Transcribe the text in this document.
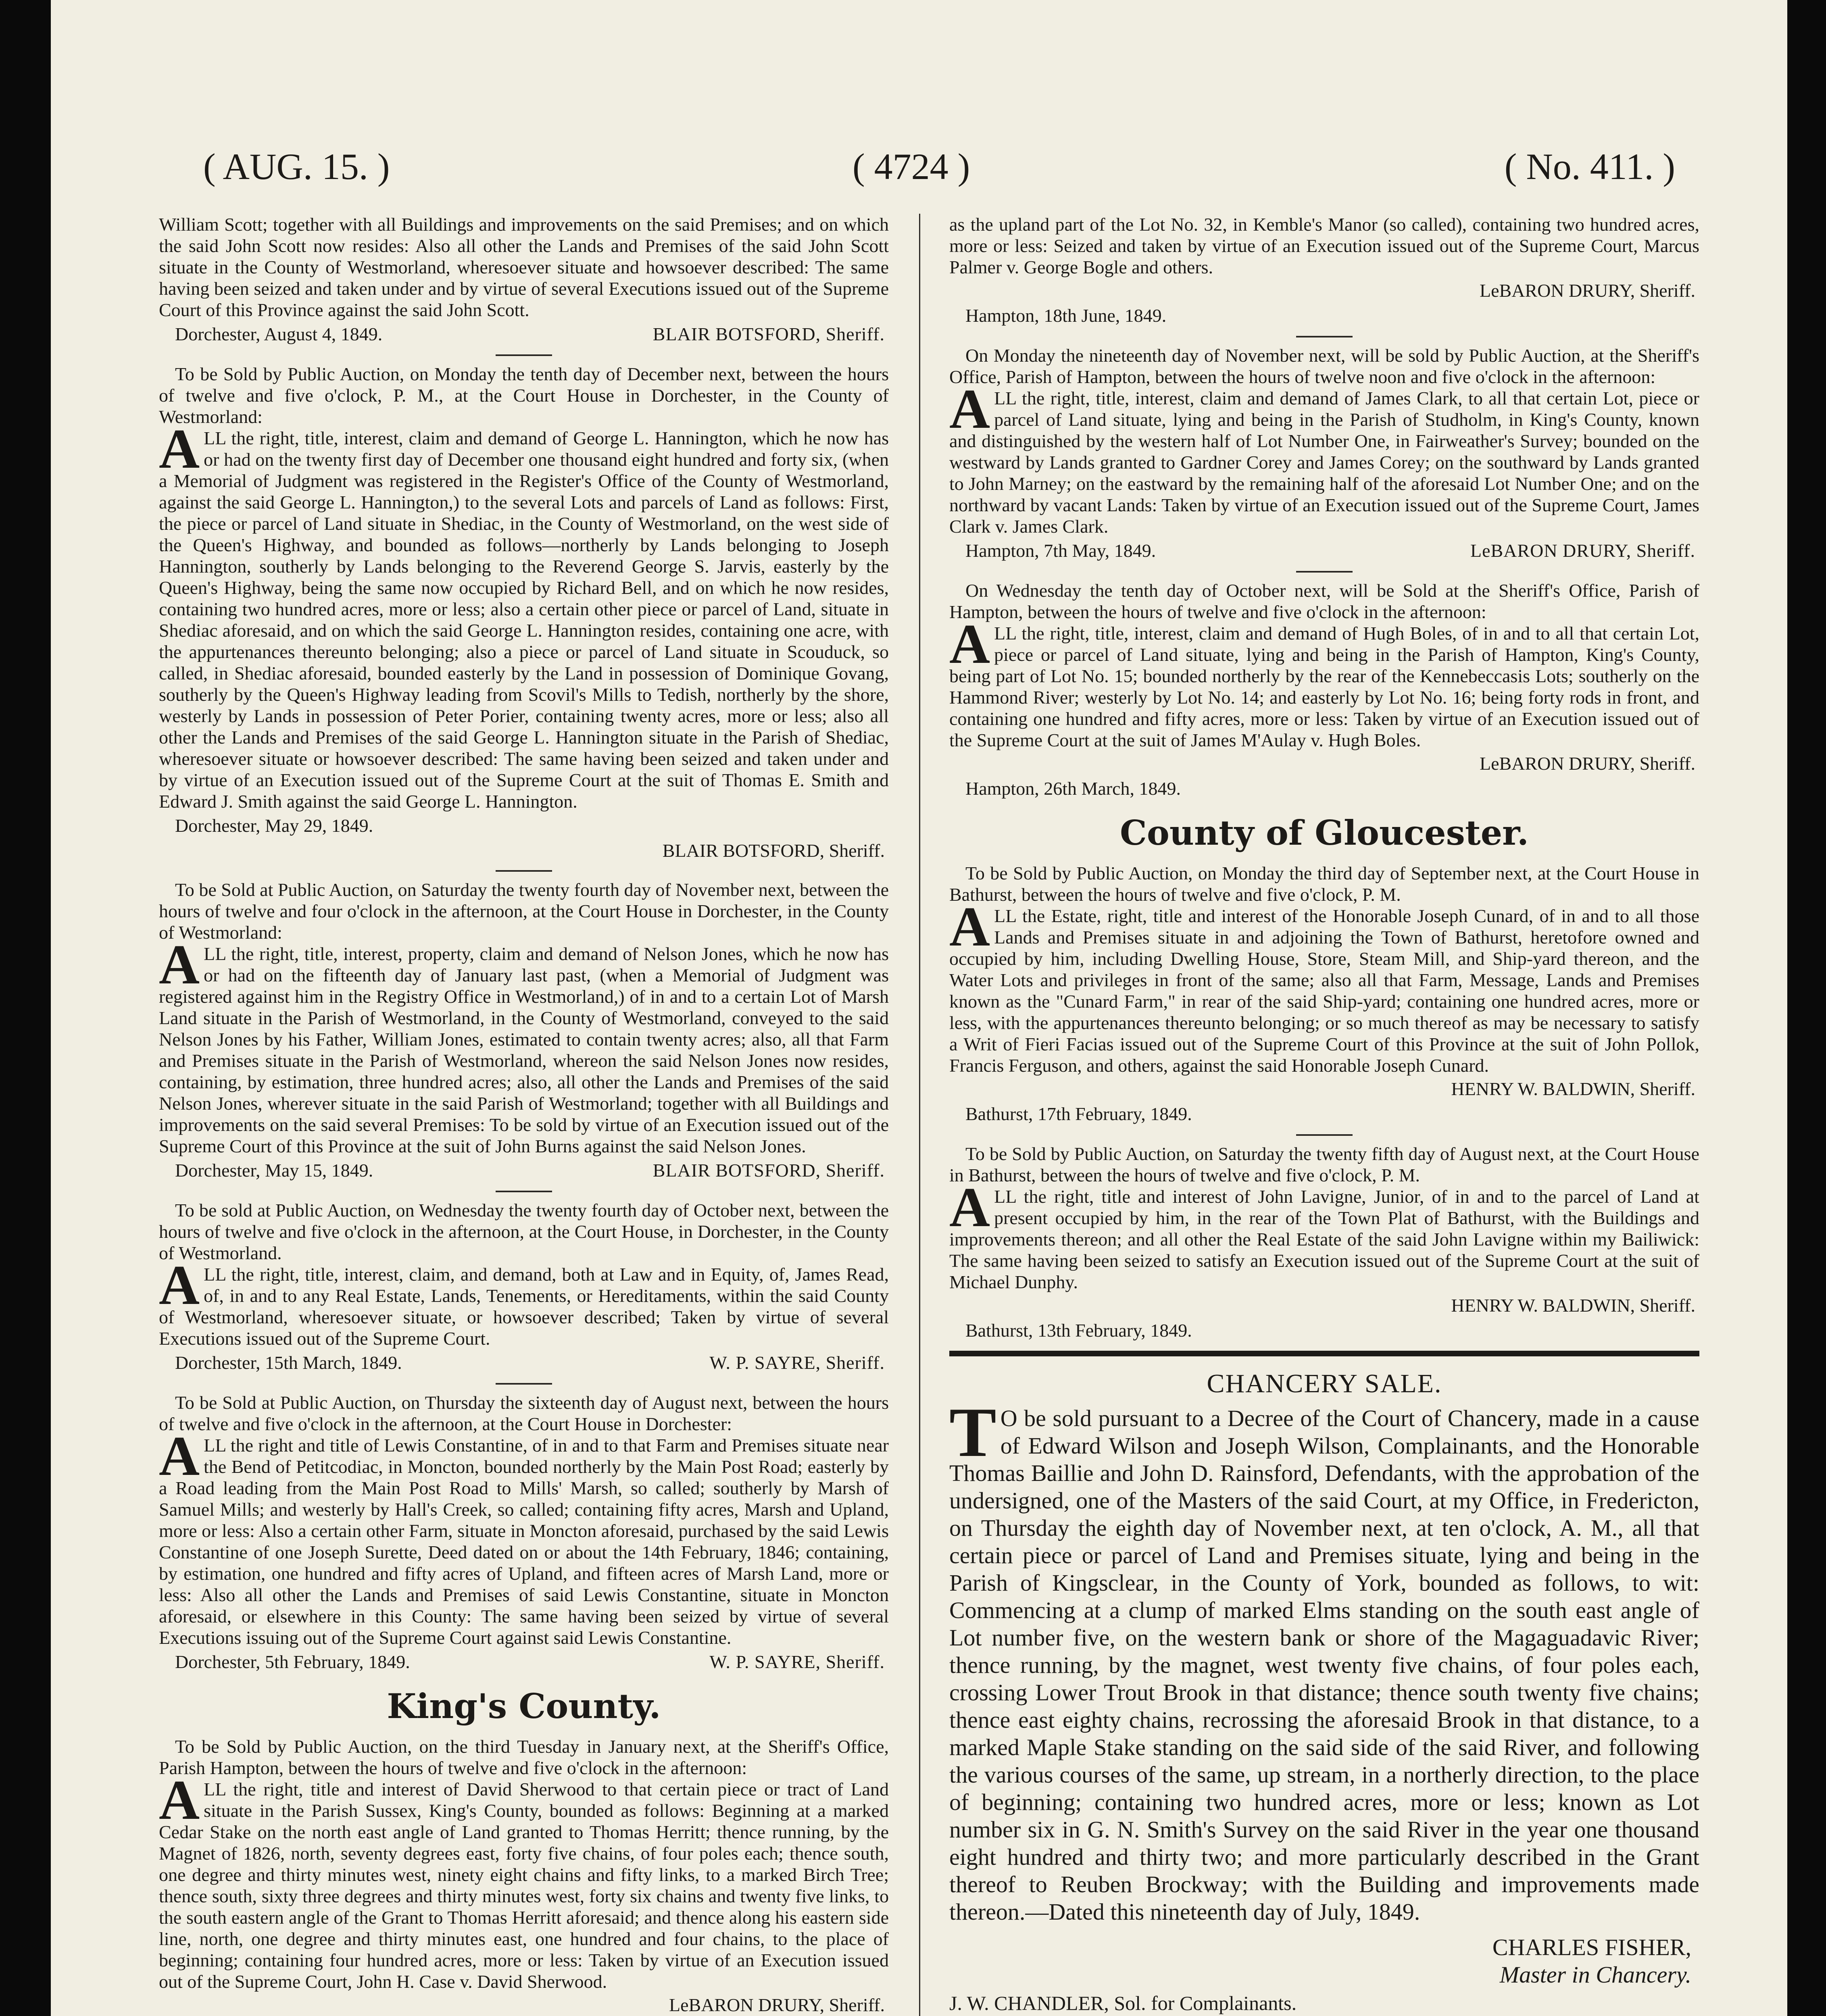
( AUG. 15. )	( 4724 )	( No. 411. )

William Scott; together with all Buildings and improvements on the said Premises; and on which the said John Scott now resides: Also all other the Lands and Premises of the said John Scott situate in the County of Westmorland, wheresoever situate and howsoever described: The same having been seized and taken under and by virtue of several Executions issued out of the Supreme Court of this Province against the said John Scott.

Dorchester, August 4, 1849.	BLAIR BOTSFORD, Sheriff.

To be Sold by Public Auction, on Monday the tenth day of December next, between the hours of twelve and five o'clock, P. M., at the Court House in Dorchester, in the County of Westmorland:

ALL the right, title, interest, claim and demand of George L. Hannington, which he now has or had on the twenty first day of December one thousand eight hundred and forty six, (when a Memorial of Judgment was registered in the Register's Office of the County of Westmorland, against the said George L. Hannington,) to the several Lots and parcels of Land as follows: First, the piece or parcel of Land situate in Shediac, in the County of Westmorland, on the west side of the Queen's Highway, and bounded as follows—northerly by Lands belonging to Joseph Hannington, southerly by Lands belonging to the Reverend George S. Jarvis, easterly by the Queen's Highway, being the same now occupied by Richard Bell, and on which he now resides, containing two hundred acres, more or less; also a certain other piece or parcel of Land, situate in Shediac aforesaid, and on which the said George L. Hannington resides, containing one acre, with the appurtenances thereunto belonging; also a piece or parcel of Land situate in Scouduck, so called, in Shediac aforesaid, bounded easterly by the Land in possession of Dominique Govang, southerly by the Queen's Highway leading from Scovil's Mills to Tedish, northerly by the shore, westerly by Lands in possession of Peter Porier, containing twenty acres, more or less; also all other the Lands and Premises of the said George L. Hannington situate in the Parish of Shediac, wheresoever situate or howsoever described: The same having been seized and taken under and by virtue of an Execution issued out of the Supreme Court at the suit of Thomas E. Smith and Edward J. Smith against the said George L. Hannington.

Dorchester, May 29, 1849.

BLAIR BOTSFORD, Sheriff.

To be Sold at Public Auction, on Saturday the twenty fourth day of November next, between the hours of twelve and four o'clock in the afternoon, at the Court House in Dorchester, in the County of Westmorland:

ALL the right, title, interest, property, claim and demand of Nelson Jones, which he now has or had on the fifteenth day of January last past, (when a Memorial of Judgment was registered against him in the Registry Office in Westmorland,) of in and to a certain Lot of Marsh Land situate in the Parish of Westmorland, in the County of Westmorland, conveyed to the said Nelson Jones by his Father, William Jones, estimated to contain twenty acres; also, all that Farm and Premises situate in the Parish of Westmorland, whereon the said Nelson Jones now resides, containing, by estimation, three hundred acres; also, all other the Lands and Premises of the said Nelson Jones, wherever situate in the said Parish of Westmorland; together with all Buildings and improvements on the said several Premises: To be sold by virtue of an Execution issued out of the Supreme Court of this Province at the suit of John Burns against the said Nelson Jones.

Dorchester, May 15, 1849.	BLAIR BOTSFORD, Sheriff.

To be sold at Public Auction, on Wednesday the twenty fourth day of October next, between the hours of twelve and five o'clock in the afternoon, at the Court House, in Dorchester, in the County of Westmorland.

ALL the right, title, interest, claim, and demand, both at Law and in Equity, of, James Read, of, in and to any Real Estate, Lands, Tenements, or Hereditaments, within the said County of Westmorland, wheresoever situate, or howsoever described; Taken by virtue of several Executions issued out of the Supreme Court.

Dorchester, 15th March, 1849.	W. P. SAYRE, Sheriff.

To be Sold at Public Auction, on Thursday the sixteenth day of August next, between the hours of twelve and five o'clock in the afternoon, at the Court House in Dorchester:

ALL the right and title of Lewis Constantine, of in and to that Farm and Premises situate near the Bend of Petitcodiac, in Moncton, bounded northerly by the Main Post Road; easterly by a Road leading from the Main Post Road to Mills' Marsh, so called; southerly by Marsh of Samuel Mills; and westerly by Hall's Creek, so called; containing fifty acres, Marsh and Upland, more or less: Also a certain other Farm, situate in Moncton aforesaid, purchased by the said Lewis Constantine of one Joseph Surette, Deed dated on or about the 14th February, 1846; containing, by estimation, one hundred and fifty acres of Upland, and fifteen acres of Marsh Land, more or less: Also all other the Lands and Premises of said Lewis Constantine, situate in Moncton aforesaid, or elsewhere in this County: The same having been seized by virtue of several Executions issuing out of the Supreme Court against said Lewis Constantine.

Dorchester, 5th February, 1849.	W. P. SAYRE, Sheriff.
King's County.

To be Sold by Public Auction, on the third Tuesday in January next, at the Sheriff's Office, Parish Hampton, between the hours of twelve and five o'clock in the afternoon:

ALL the right, title and interest of David Sherwood to that certain piece or tract of Land situate in the Parish Sussex, King's County, bounded as follows: Beginning at a marked Cedar Stake on the north east angle of Land granted to Thomas Herritt; thence running, by the Magnet of 1826, north, seventy degrees east, forty five chains, of four poles each; thence south, one degree and thirty minutes west, ninety eight chains and fifty links, to a marked Birch Tree; thence south, sixty three degrees and thirty minutes west, forty six chains and twenty five links, to the south eastern angle of the Grant to Thomas Herritt aforesaid; and thence along his eastern side line, north, one degree and thirty minutes east, one hundred and four chains, to the place of beginning; containing four hundred acres, more or less: Taken by virtue of an Execution issued out of the Supreme Court, John H. Case v. David Sherwood.

LeBARON DRURY, Sheriff.

as the upland part of the Lot No. 32, in Kemble's Manor (so called), containing two hundred acres, more or less: Seized and taken by virtue of an Execution issued out of the Supreme Court, Marcus Palmer v. George Bogle and others.

LeBARON DRURY, Sheriff.

Hampton, 18th June, 1849.

On Monday the nineteenth day of November next, will be sold by Public Auction, at the Sheriff's Office, Parish of Hampton, between the hours of twelve noon and five o'clock in the afternoon:

ALL the right, title, interest, claim and demand of James Clark, to all that certain Lot, piece or parcel of Land situate, lying and being in the Parish of Studholm, in King's County, known and distinguished by the western half of Lot Number One, in Fairweather's Survey; bounded on the westward by Lands granted to Gardner Corey and James Corey; on the southward by Lands granted to John Marney; on the eastward by the remaining half of the aforesaid Lot Number One; and on the northward by vacant Lands: Taken by virtue of an Execution issued out of the Supreme Court, James Clark v. James Clark.

Hampton, 7th May, 1849.	LeBARON DRURY, Sheriff.

On Wednesday the tenth day of October next, will be Sold at the Sheriff's Office, Parish of Hampton, between the hours of twelve and five o'clock in the afternoon:

ALL the right, title, interest, claim and demand of Hugh Boles, of in and to all that certain Lot, piece or parcel of Land situate, lying and being in the Parish of Hampton, King's County, being part of Lot No. 15; bounded northerly by the rear of the Kennebeccasis Lots; southerly on the Hammond River; westerly by Lot No. 14; and easterly by Lot No. 16; being forty rods in front, and containing one hundred and fifty acres, more or less: Taken by virtue of an Execution issued out of the Supreme Court at the suit of James M'Aulay v. Hugh Boles.

LeBARON DRURY, Sheriff.

Hampton, 26th March, 1849.
County of Gloucester.

To be Sold by Public Auction, on Monday the third day of September next, at the Court House in Bathurst, between the hours of twelve and five o'clock, P. M.

ALL the Estate, right, title and interest of the Honorable Joseph Cunard, of in and to all those Lands and Premises situate in and adjoining the Town of Bathurst, heretofore owned and occupied by him, including Dwelling House, Store, Steam Mill, and Ship-yard thereon, and the Water Lots and privileges in front of the same; also all that Farm, Message, Lands and Premises known as the "Cunard Farm," in rear of the said Ship-yard; containing one hundred acres, more or less, with the appurtenances thereunto belonging; or so much thereof as may be necessary to satisfy a Writ of Fieri Facias issued out of the Supreme Court of this Province at the suit of John Pollok, Francis Ferguson, and others, against the said Honorable Joseph Cunard.

HENRY W. BALDWIN, Sheriff.

Bathurst, 17th February, 1849.

To be Sold by Public Auction, on Saturday the twenty fifth day of August next, at the Court House in Bathurst, between the hours of twelve and five o'clock, P. M.

ALL the right, title and interest of John Lavigne, Junior, of in and to the parcel of Land at present occupied by him, in the rear of the Town Plat of Bathurst, with the Buildings and improvements thereon; and all other the Real Estate of the said John Lavigne within my Bailiwick: The same having been seized to satisfy an Execution issued out of the Supreme Court at the suit of Michael Dunphy.

HENRY W. BALDWIN, Sheriff.

Bathurst, 13th February, 1849.
CHANCERY SALE.

T O be sold pursuant to a Decree of the Court of Chancery, made in a cause of Edward Wilson and Joseph Wilson, Complainants, and the Honorable Thomas Baillie and John D. Rainsford, Defendants, with the approbation of the undersigned, one of the Masters of the said Court, at my Office, in Fredericton, on Thursday the eighth day of November next, at ten o'clock, A. M., all that certain piece or parcel of Land and Premises situate, lying and being in the Parish of Kingsclear, in the County of York, bounded as follows, to wit: Commencing at a clump of marked Elms standing on the south east angle of Lot number five, on the western bank or shore of the Magaguadavic River; thence running, by the magnet, west twenty five chains, of four poles each, crossing Lower Trout Brook in that distance; thence south twenty five chains; thence east eighty chains, recrossing the aforesaid Brook in that distance, to a marked Maple Stake standing on the said side of the said River, and following the various courses of the same, up stream, in a northerly direction, to the place of beginning; containing two hundred acres, more or less; known as Lot number six in G. N. Smith's Survey on the said River in the year one thousand eight hundred and thirty two; and more particularly described in the Grant thereof to Reuben Brockway; with the Building and improvements made thereon.—Dated this nineteenth day of July, 1849.

CHARLES FISHER,

Master in Chancery.

J. W. CHANDLER, Sol. for Complainants.
